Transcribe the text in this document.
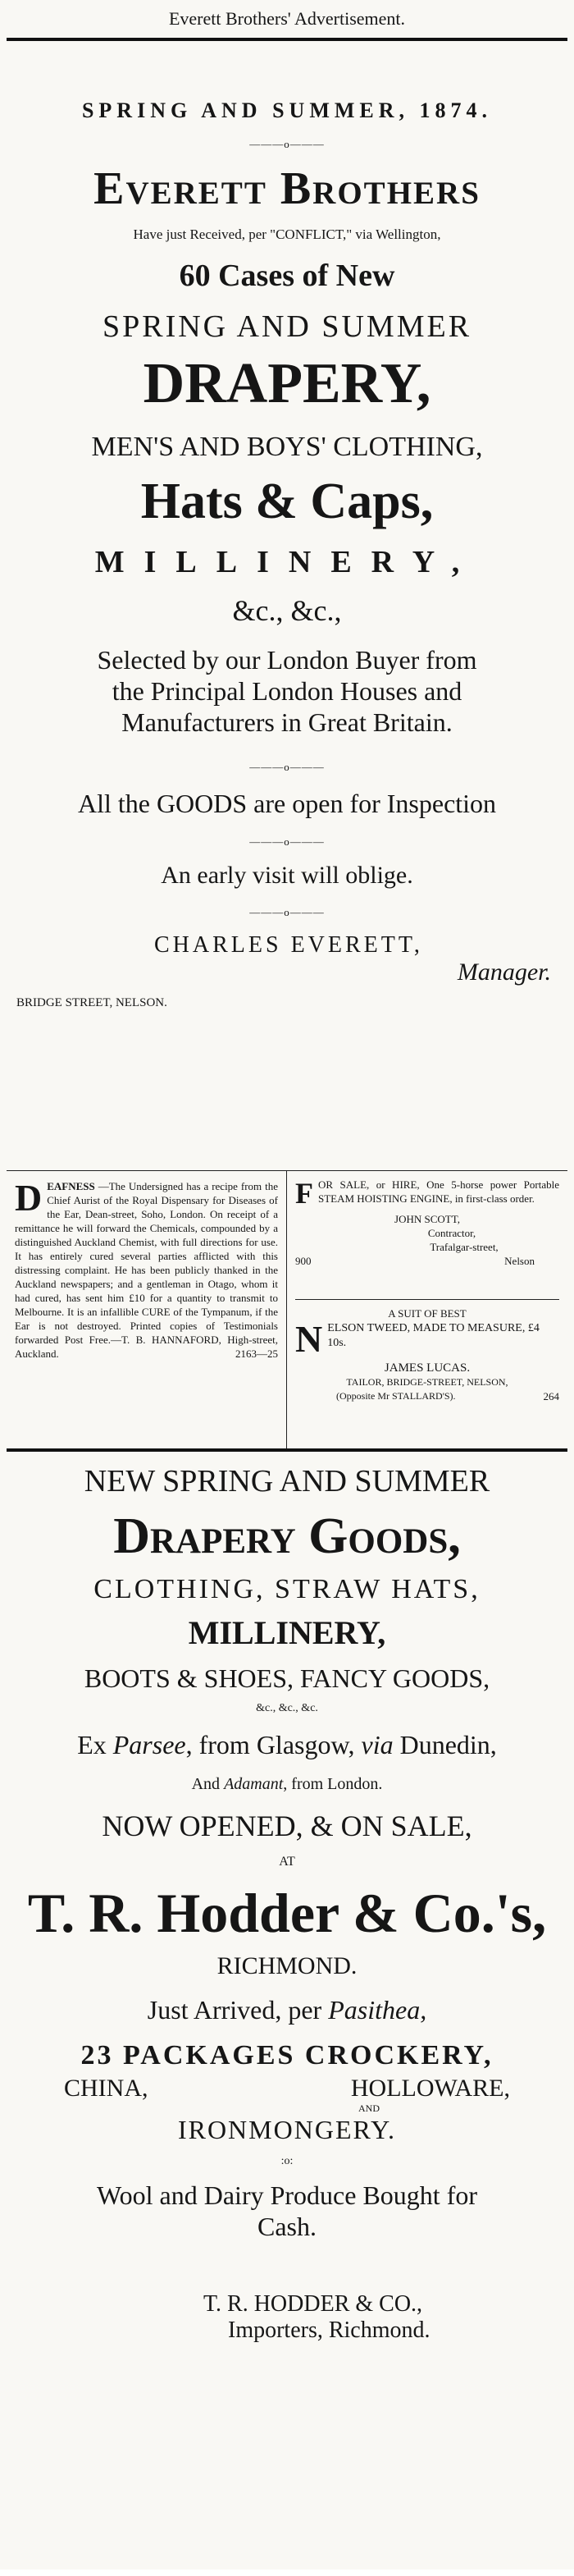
Everett Brothers' Advertisement.
SPRING AND SUMMER, 1874.
——— o ———
Everett Brothers
Have just Received, per "CONFLICT," via Wellington,
60 Cases of New
SPRING AND SUMMER
DRAPERY,
MEN'S AND BOYS' CLOTHING,
Hats & Caps,
MILLINERY,
&c., &c.,
Selected by our London Buyer from
the Principal London Houses and
Manufacturers in Great Britain.
——— o ———
All the GOODS are open for Inspection
——— o ———
An early visit will oblige.
——— o ———
CHARLES EVERETT,
Manager.
BRIDGE STREET, NELSON.
DEAFNESS —The Undersigned has a recipe from the Chief Aurist of the Royal Dispensary for Diseases of the Ear, Dean-street, Soho, London. On receipt of a remittance he will forward the Chemicals, compounded by a distinguished Auckland Chemist, with full directions for use. It has entirely cured several parties afflicted with this distressing complaint. He has been publicly thanked in the Auckland newspapers; and a gentleman in Otago, whom it had cured, has sent him £10 for a quantity to transmit to Melbourne. It is an infallible CURE of the Tympanum, if the Ear is not destroyed. Printed copies of Testimonials forwarded Post Free.—T. B. HANNAFORD, High-street, Auckland.	2163—25
FOR SALE, or HIRE, One 5-horse power Portable STEAM HOISTING ENGINE, in first-class order.
JOHN SCOTT,
Contractor,
Trafalgar-street,
900	Nelson
A SUIT OF BEST
NELSON TWEED, MADE TO MEASURE, £4 10s.
JAMES LUCAS.
TAILOR, BRIDGE-STREET, NELSON,
(Opposite Mr STALLARD'S).	264
NEW SPRING AND SUMMER
Drapery Goods,
CLOTHING, STRAW HATS,
MILLINERY,
BOOTS & SHOES, FANCY GOODS,
&c., &c., &c.
Ex Parsee, from Glasgow, via Dunedin,
And Adamant, from London.
NOW OPENED, & ON SALE,
AT
T. R. Hodder & Co.'s,
RICHMOND.
Just Arrived, per Pasithea,
23 PACKAGES CROCKERY,
CHINA,	HOLLOWARE,
AND
IRONMONGERY.
:o:
Wool and Dairy Produce Bought for
Cash.
T. R. HODDER & CO.,
Importers, Richmond.
